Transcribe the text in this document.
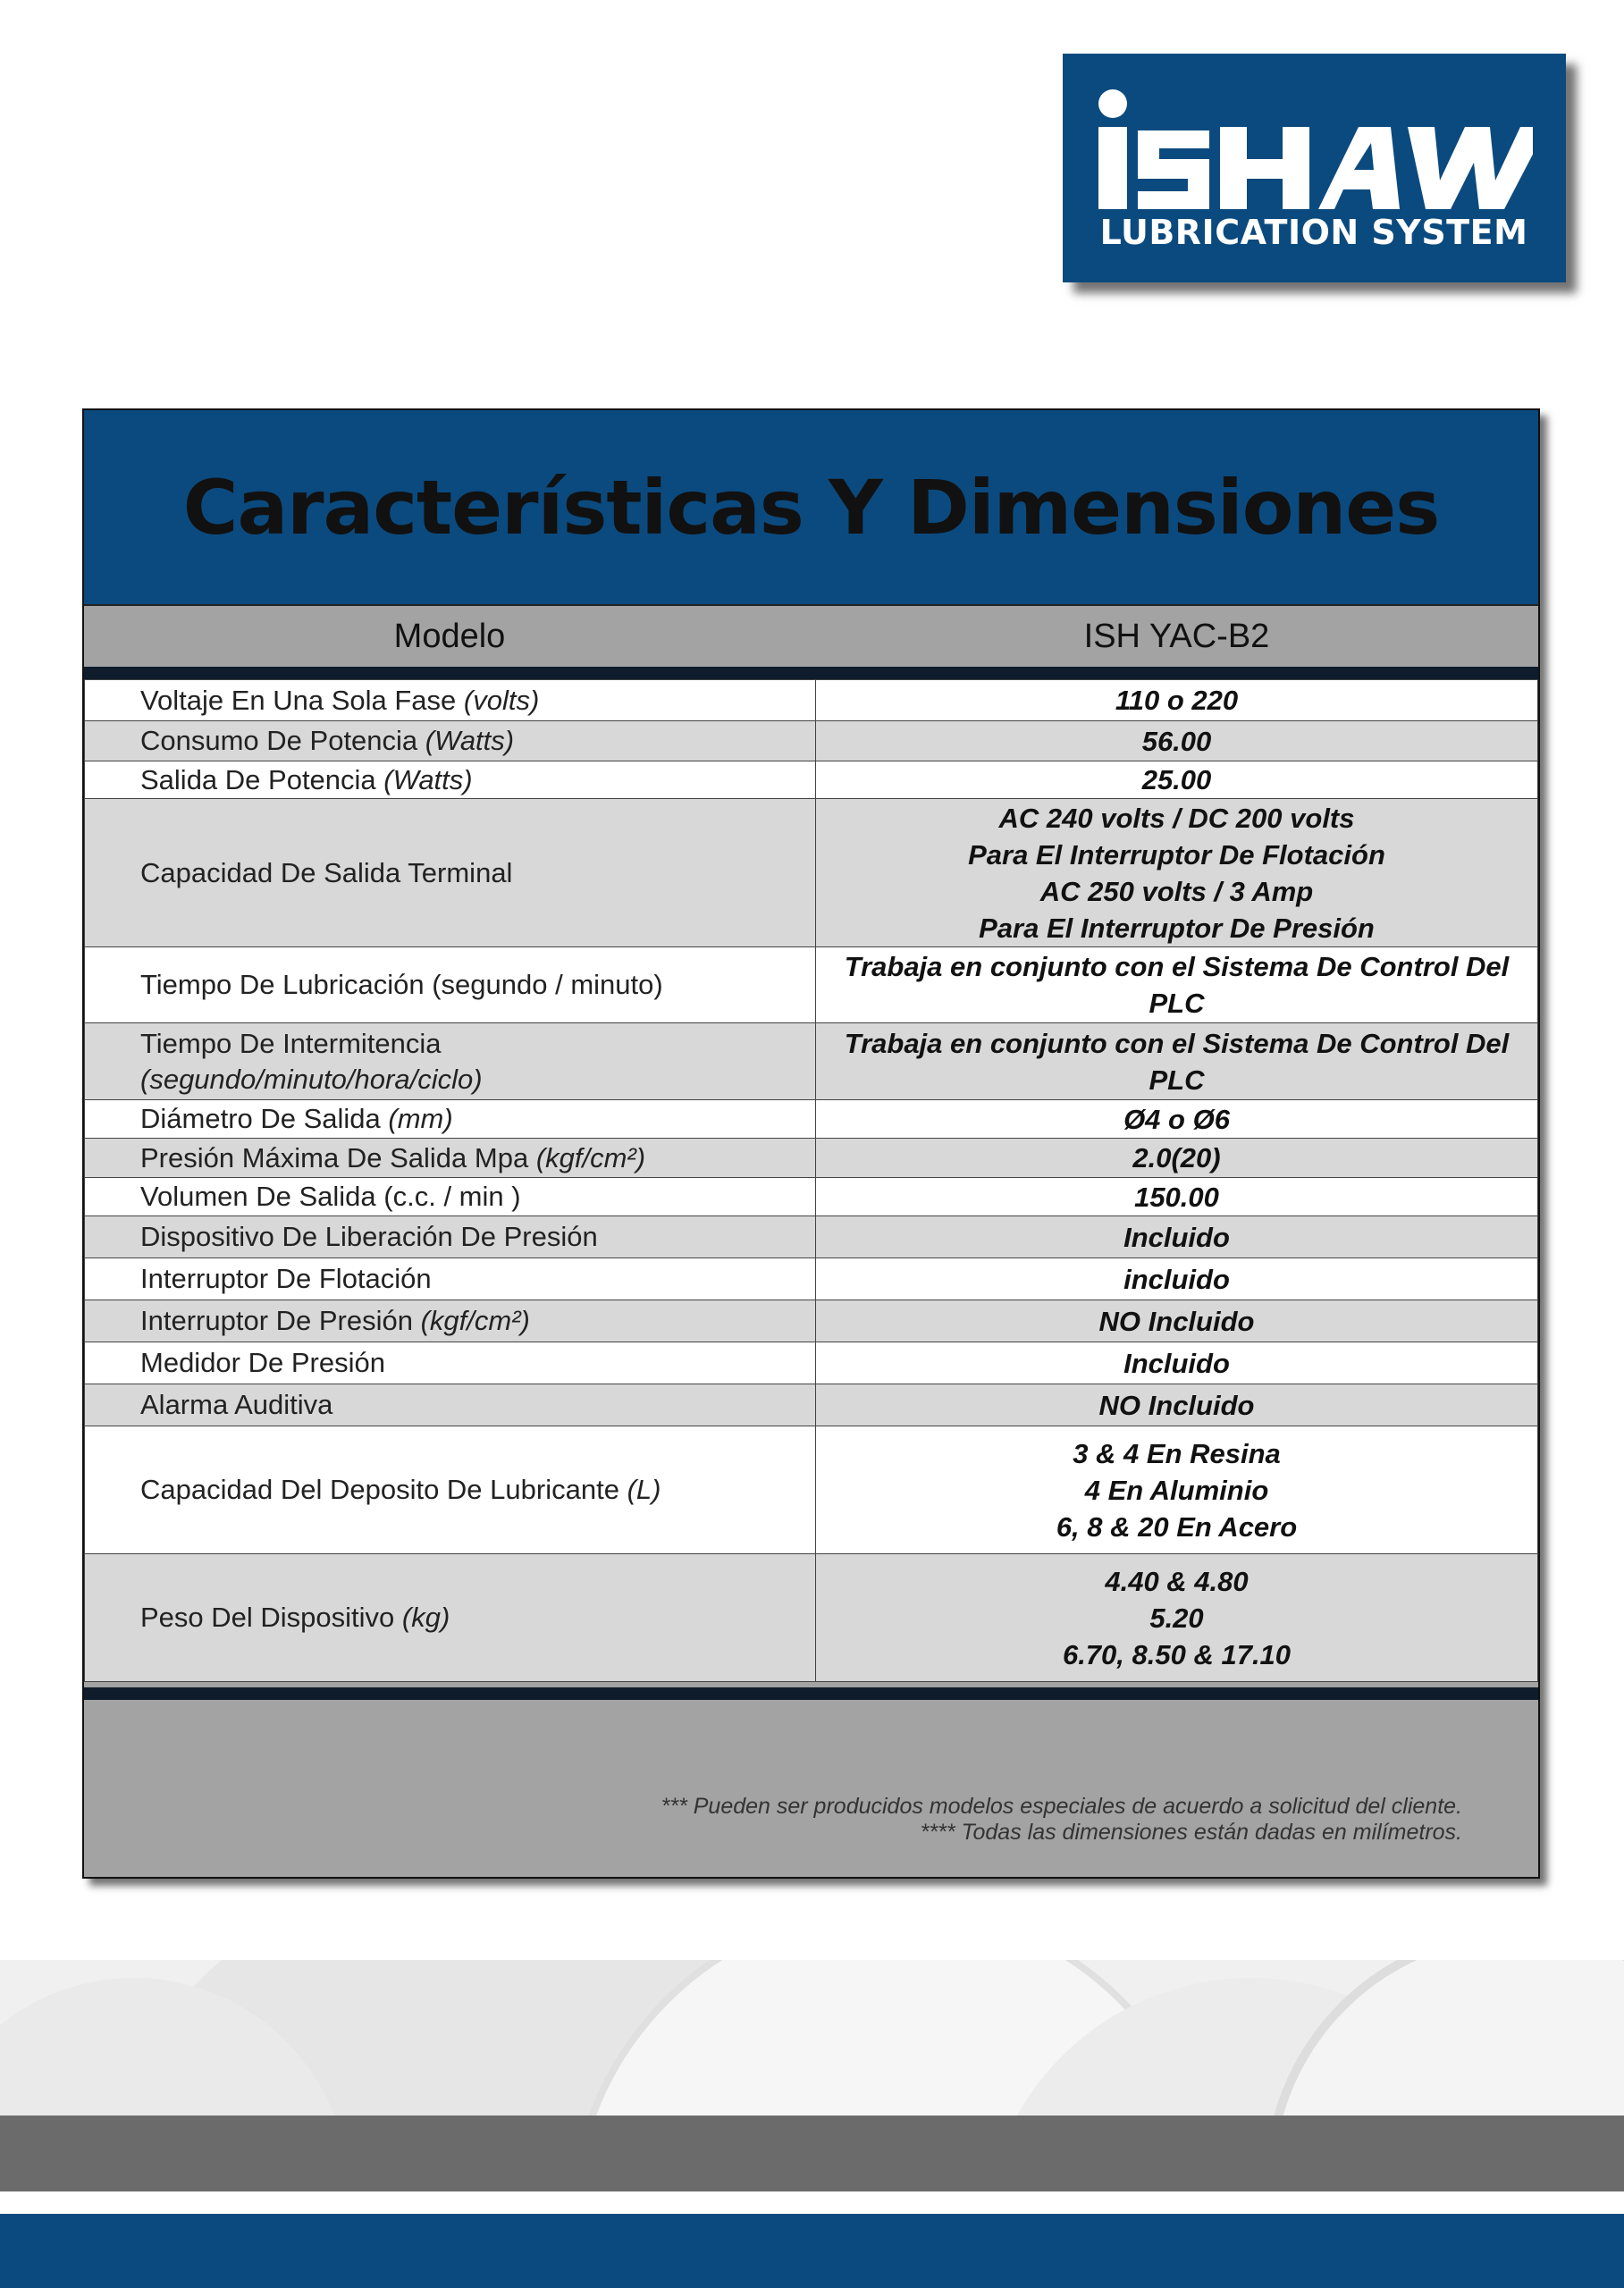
LUBRICATION SYSTEM
Características Y Dimensiones
Modelo	ISH YAC-B2
Voltaje En Una Sola Fase (volts)	110 o 220

Consumo De Potencia (Watts)	56.00

Salida De Potencia (Watts)	25.00

Capacidad De Salida Terminal	AC 240 volts / DC 200 volts
Para El Interruptor De Flotación
AC 250 volts / 3 Amp
Para El Interruptor De Presión

Tiempo De Lubricación (segundo / minuto)	Trabaja en conjunto con el Sistema De Control Del
PLC

Tiempo De Intermitencia
(segundo/minuto/hora/ciclo)	Trabaja en conjunto con el Sistema De Control Del
PLC

Diámetro De Salida (mm)	Ø4 o Ø6

Presión Máxima De Salida Mpa (kgf/cm²)	2.0(20)

Volumen De Salida (c.c. / min )	150.00

Dispositivo De Liberación De Presión	Incluido

Interruptor De Flotación	incluido

Interruptor De Presión (kgf/cm²)	NO Incluido

Medidor De Presión	Incluido

Alarma Auditiva	NO Incluido

Capacidad Del Deposito De Lubricante (L)	3 & 4 En Resina
4 En Aluminio
6, 8 & 20 En Acero

Peso Del Dispositivo (kg)	4.40 & 4.80
5.20
6.70, 8.50 & 17.10
*** Pueden ser producidos modelos especiales de acuerdo a solicitud del cliente.
**** Todas las dimensiones están dadas en milímetros.
